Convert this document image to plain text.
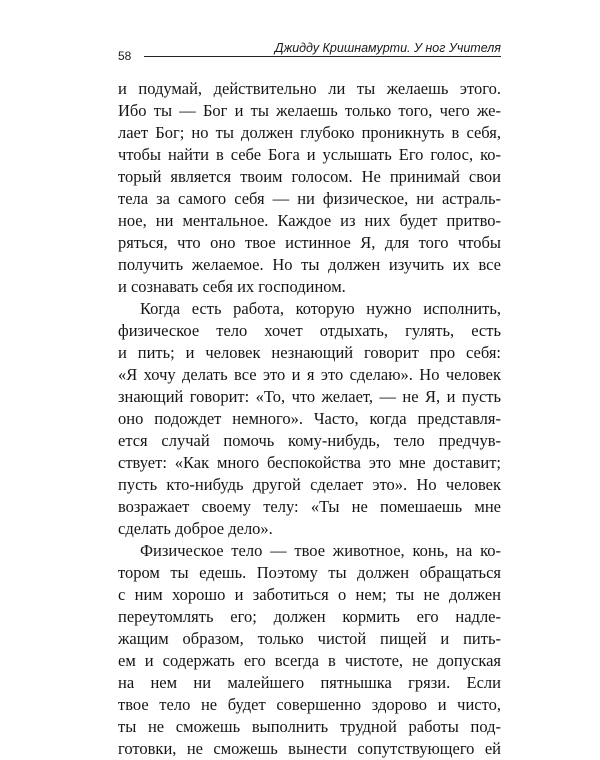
58
Джидду Кришнамурти. У ног Учителя
и подумай, действительно ли ты желаешь этого.
Ибо ты — Бог и ты желаешь только того, чего же-
лает Бог; но ты должен глубоко проникнуть в себя,
чтобы найти в себе Бога и услышать Его голос, ко-
торый является твоим голосом. Не принимай свои
тела за самого себя — ни физическое, ни астраль-
ное, ни ментальное. Каждое из них будет притво-
ряться, что оно твое истинное Я, для того чтобы
получить желаемое. Но ты должен изучить их все
и сознавать себя их господином.
Когда есть работа, которую нужно исполнить,
физическое тело хочет отдыхать, гулять, есть
и пить; и человек незнающий говорит про себя:
«Я хочу делать все это и я это сделаю». Но человек
знающий говорит: «То, что желает, — не Я, и пусть
оно подождет немного». Часто, когда представля-
ется случай помочь кому-нибудь, тело предчув-
ствует: «Как много беспокойства это мне доставит;
пусть кто-нибудь другой сделает это». Но человек
возражает своему телу: «Ты не помешаешь мне
сделать доброе дело».
Физическое тело — твое животное, конь, на ко-
тором ты едешь. Поэтому ты должен обращаться
с ним хорошо и заботиться о нем; ты не должен
переутомлять его; должен кормить его надле-
жащим образом, только чистой пищей и пить-
ем и содержать его всегда в чистоте, не допуская
на нем ни малейшего пятнышка грязи. Если
твое тело не будет совершенно здорово и чисто,
ты не сможешь выполнить трудной работы под-
готовки, не сможешь вынести сопутствующего ей
